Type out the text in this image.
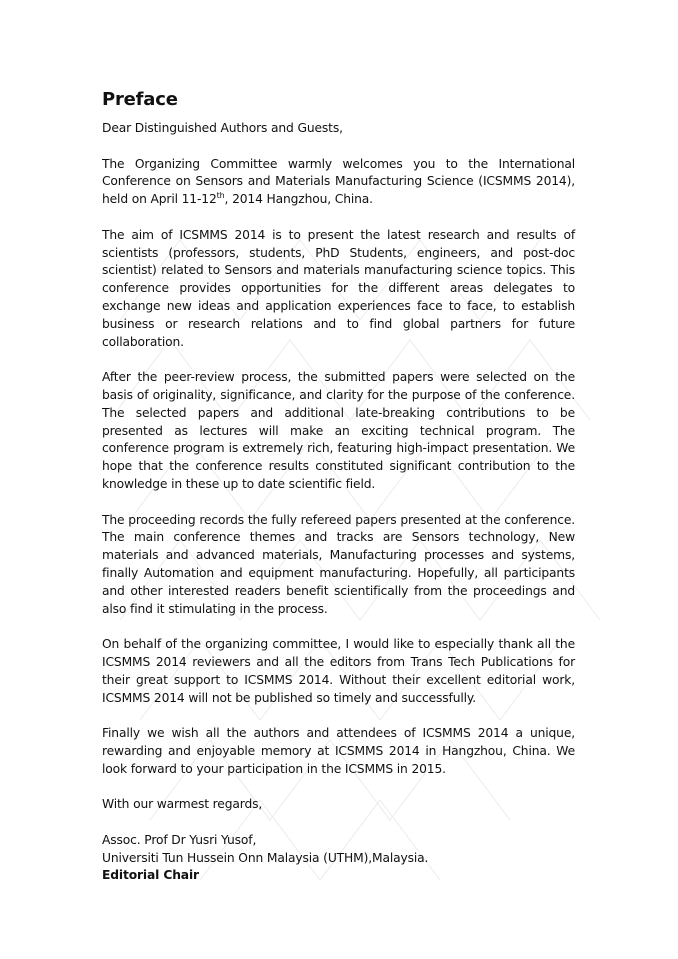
Preface

Dear Distinguished Authors and Guests,

The Organizing Committee warmly welcomes you to the International Conference on Sensors and Materials Manufacturing Science (ICSMMS 2014), held on April 11-12th, 2014 Hangzhou, China.

The aim of ICSMMS 2014 is to present the latest research and results of scientists (professors, students, PhD Students, engineers, and post-doc scientist) related to Sensors and materials manufacturing science topics. This conference provides opportunities for the different areas delegates to exchange new ideas and application experiences face to face, to establish business or research relations and to find global partners for future collaboration.

After the peer-review process, the submitted papers were selected on the basis of originality, significance, and clarity for the purpose of the conference. The selected papers and additional late-breaking contributions to be presented as lectures will make an exciting technical program. The conference program is extremely rich, featuring high-impact presentation. We hope that the conference results constituted significant contribution to the knowledge in these up to date scientific field.

The proceeding records the fully refereed papers presented at the conference. The main conference themes and tracks are Sensors technology, New materials and advanced materials, Manufacturing processes and systems, finally Automation and equipment manufacturing. Hopefully, all participants and other interested readers benefit scientifically from the proceedings and also find it stimulating in the process.

On behalf of the organizing committee, I would like to especially thank all the ICSMMS 2014 reviewers and all the editors from Trans Tech Publications for their great support to ICSMMS 2014. Without their excellent editorial work, ICSMMS 2014 will not be published so timely and successfully.

Finally we wish all the authors and attendees of ICSMMS 2014 a unique, rewarding and enjoyable memory at ICSMMS 2014 in Hangzhou, China. We look forward to your participation in the ICSMMS in 2015.

With our warmest regards,

Assoc. Prof Dr Yusri Yusof,

Universiti Tun Hussein Onn Malaysia (UTHM),Malaysia.

Editorial Chair
